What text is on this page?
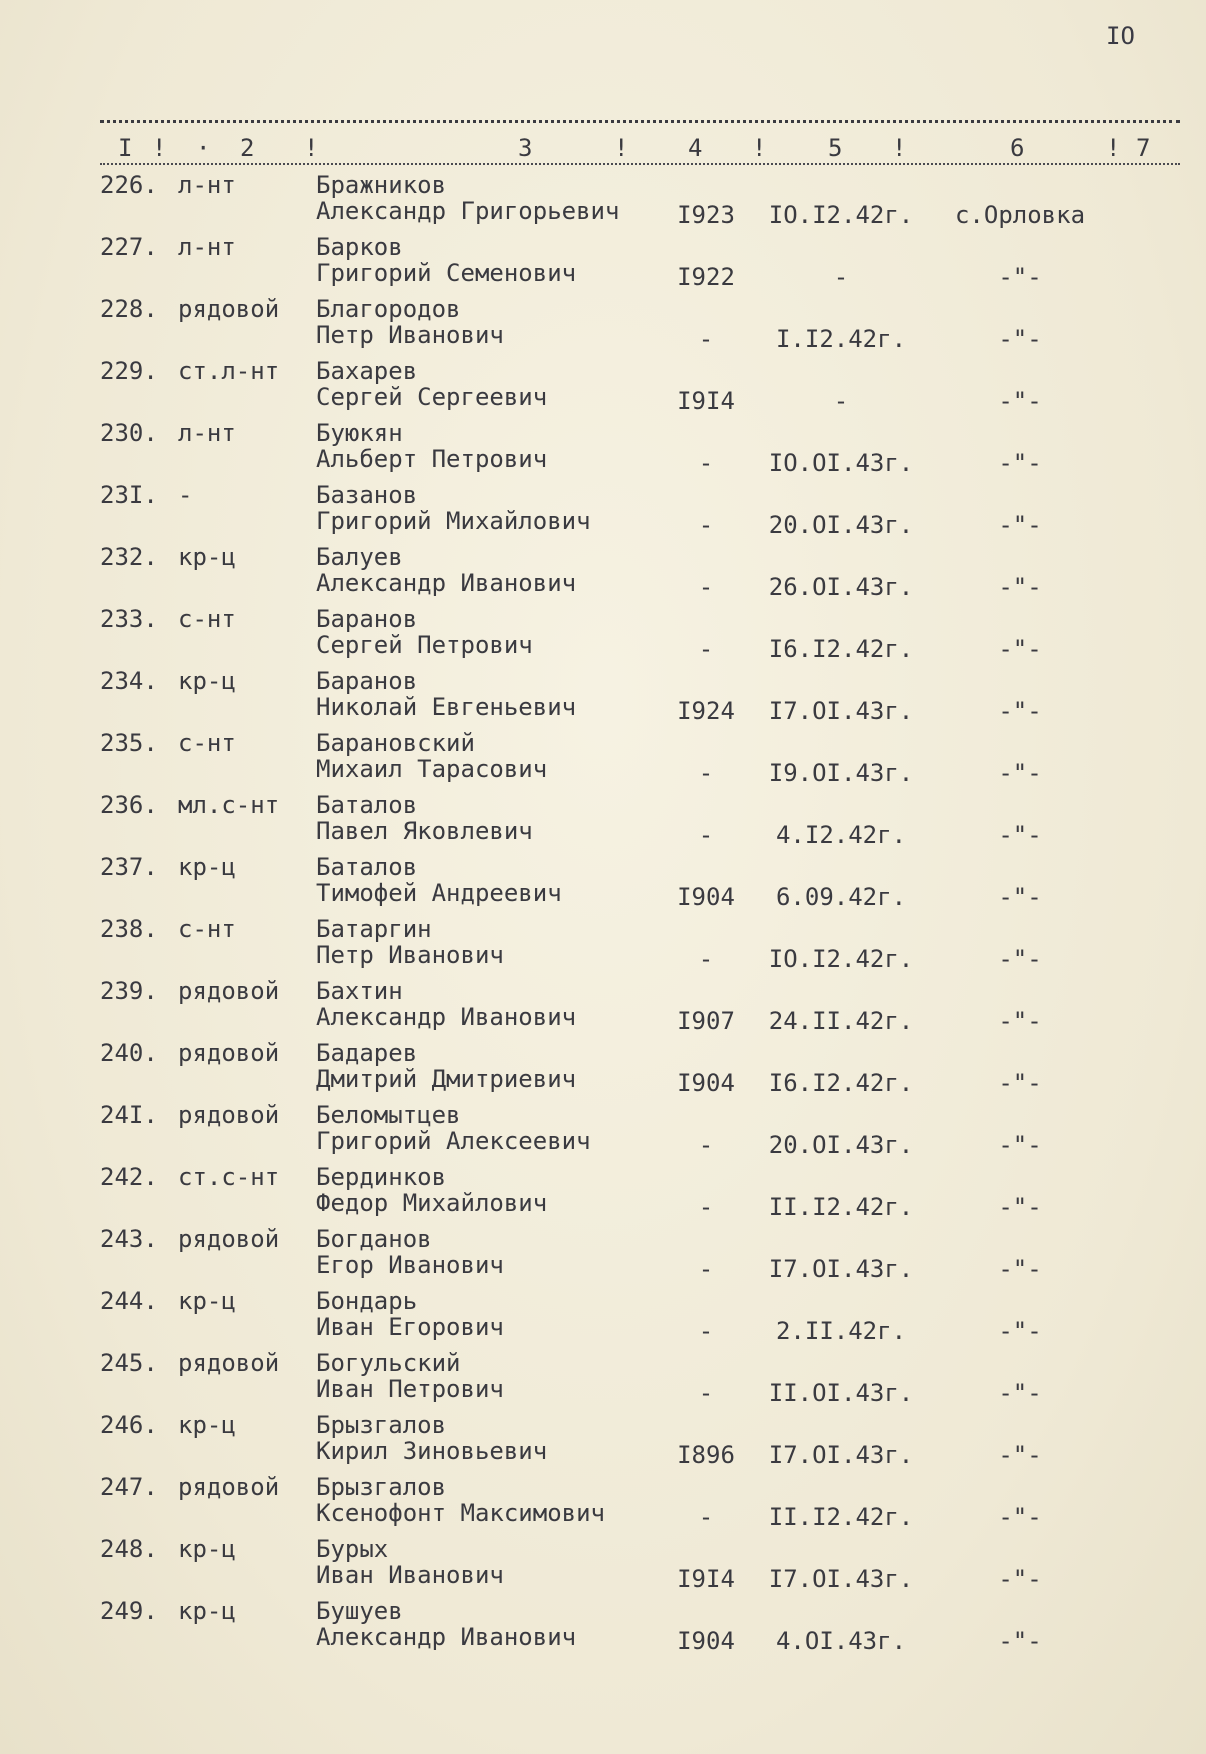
IO
I ! · 2 !	3	! 4 !	5 !	6	! 7
226. л-нт	Бражников
Александр Григорьевич I923	IO.I2.42г.	с.Орловка
227. л-нт	Барков
Григорий Семенович	I922	-	-"-
228. рядовой Благородов
Петр Иванович	-	I.I2.42г.	-"-
229. ст.л-нт Бахарев
Сергей Сергеевич	I9I4	-	-"-
230. л-нт	Буюкян
Альберт Петрович	-	IO.OI.43г.	-"-
23I. -	Базанов
Григорий Михайлович	-	20.OI.43г.	-"-
232. кр-ц	Балуев
Александр Иванович	-	26.OI.43г.	-"-
233. с-нт	Баранов
Сергей Петрович	-	I6.I2.42г.	-"-
234. кр-ц	Баранов
Николай Евгеньевич	I924	I7.OI.43г.	-"-
235. с-нт	Барановский
Михаил Тарасович	-	I9.OI.43г.	-"-
236. мл.с-нт Баталов
Павел Яковлевич	-	4.I2.42г.	-"-
237. кр-ц	Баталов
Тимофей Андреевич	I904	6.09.42г.	-"-
238. с-нт	Батаргин
Петр Иванович	-	IO.I2.42г.	-"-
239. рядовой Бахтин
Александр Иванович	I907	24.II.42г.	-"-
240. рядовой Бадарев
Дмитрий Дмитриевич	I904	I6.I2.42г.	-"-
24I. рядовой Беломытцев
Григорий Алексеевич	-	20.OI.43г.	-"-
242. ст.с-нт Бердинков
Федор Михайлович	-	II.I2.42г.	-"-
243. рядовой Богданов
Егор Иванович	-	I7.OI.43г.	-"-
244. кр-ц	Бондарь
Иван Егорович	-	2.II.42г.	-"-
245. рядовой Богульский
Иван Петрович	-	II.OI.43г.	-"-
246. кр-ц	Брызгалов
Кирил Зиновьевич	I896	I7.OI.43г.	-"-
247. рядовой Брызгалов
Ксенофонт Максимович	-	II.I2.42г.	-"-
248. кр-ц	Бурых
Иван Иванович	I9I4	I7.OI.43г.	-"-
249. кр-ц	Бушуев
Александр Иванович	I904	4.OI.43г.	-"-
